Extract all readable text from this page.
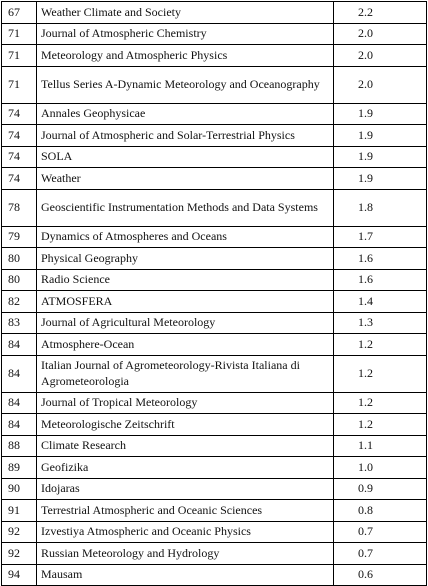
67	Weather Climate and Society	2.2
71	Journal of Atmospheric Chemistry	2.0
71	Meteorology and Atmospheric Physics	2.0
71	Tellus Series A-Dynamic Meteorology and Oceanography	2.0
74	Annales Geophysicae	1.9
74	Journal of Atmospheric and Solar-Terrestrial Physics	1.9
74	SOLA	1.9
74	Weather	1.9
78	Geoscientific Instrumentation Methods and Data Systems	1.8
79	Dynamics of Atmospheres and Oceans	1.7
80	Physical Geography	1.6
80	Radio Science	1.6
82	ATMOSFERA	1.4
83	Journal of Agricultural Meteorology	1.3
84	Atmosphere-Ocean	1.2
84	Italian Journal of Agrometeorology-Rivista Italiana di Agrometeorologia	1.2
84	Journal of Tropical Meteorology	1.2
84	Meteorologische Zeitschrift	1.2
88	Climate Research	1.1
89	Geofizika	1.0
90	Idojaras	0.9
91	Terrestrial Atmospheric and Oceanic Sciences	0.8
92	Izvestiya Atmospheric and Oceanic Physics	0.7
92	Russian Meteorology and Hydrology	0.7
94	Mausam	0.6
